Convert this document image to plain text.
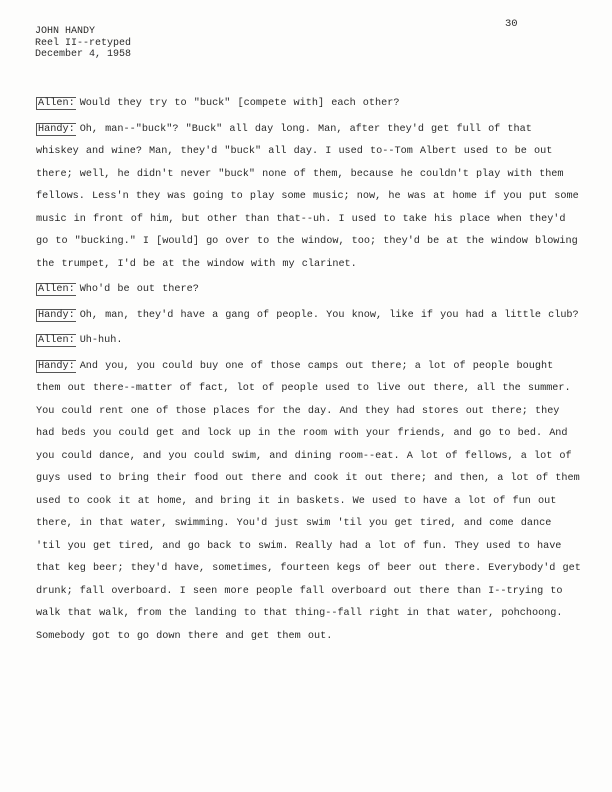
30
JOHN HANDY
Reel II--retyped
December 4, 1958

Allen: Would they try to "buck" [compete with] each other?

Handy: Oh, man--"buck"? "Buck" all day long. Man, after they'd get full of that whiskey and wine? Man, they'd "buck" all day. I used to--Tom Albert used to be out there; well, he didn't never "buck" none of them, because he couldn't play with them fellows. Less'n they was going to play some music; now, he was at home if you put some music in front of him, but other than that--uh. I used to take his place when they'd go to "bucking." I [would] go over to the window, too; they'd be at the window blowing the trumpet, I'd be at the window with my clarinet.

Allen: Who'd be out there?

Handy: Oh, man, they'd have a gang of people. You know, like if you had a little club?

Allen: Uh-huh.

Handy: And you, you could buy one of those camps out there; a lot of people bought them out there--matter of fact, lot of people used to live out there, all the summer. You could rent one of those places for the day. And they had stores out there; they had beds you could get and lock up in the room with your friends, and go to bed. And you could dance, and you could swim, and dining room--eat. A lot of fellows, a lot of guys used to bring their food out there and cook it out there; and then, a lot of them used to cook it at home, and bring it in baskets. We used to have a lot of fun out there, in that water, swimming. You'd just swim 'til you get tired, and come dance 'til you get tired, and go back to swim. Really had a lot of fun. They used to have that keg beer; they'd have, sometimes, fourteen kegs of beer out there. Everybody'd get drunk; fall overboard. I seen more people fall overboard out there than I--trying to walk that walk, from the landing to that thing--fall right in that water, pohchoong. Somebody got to go down there and get them out.
